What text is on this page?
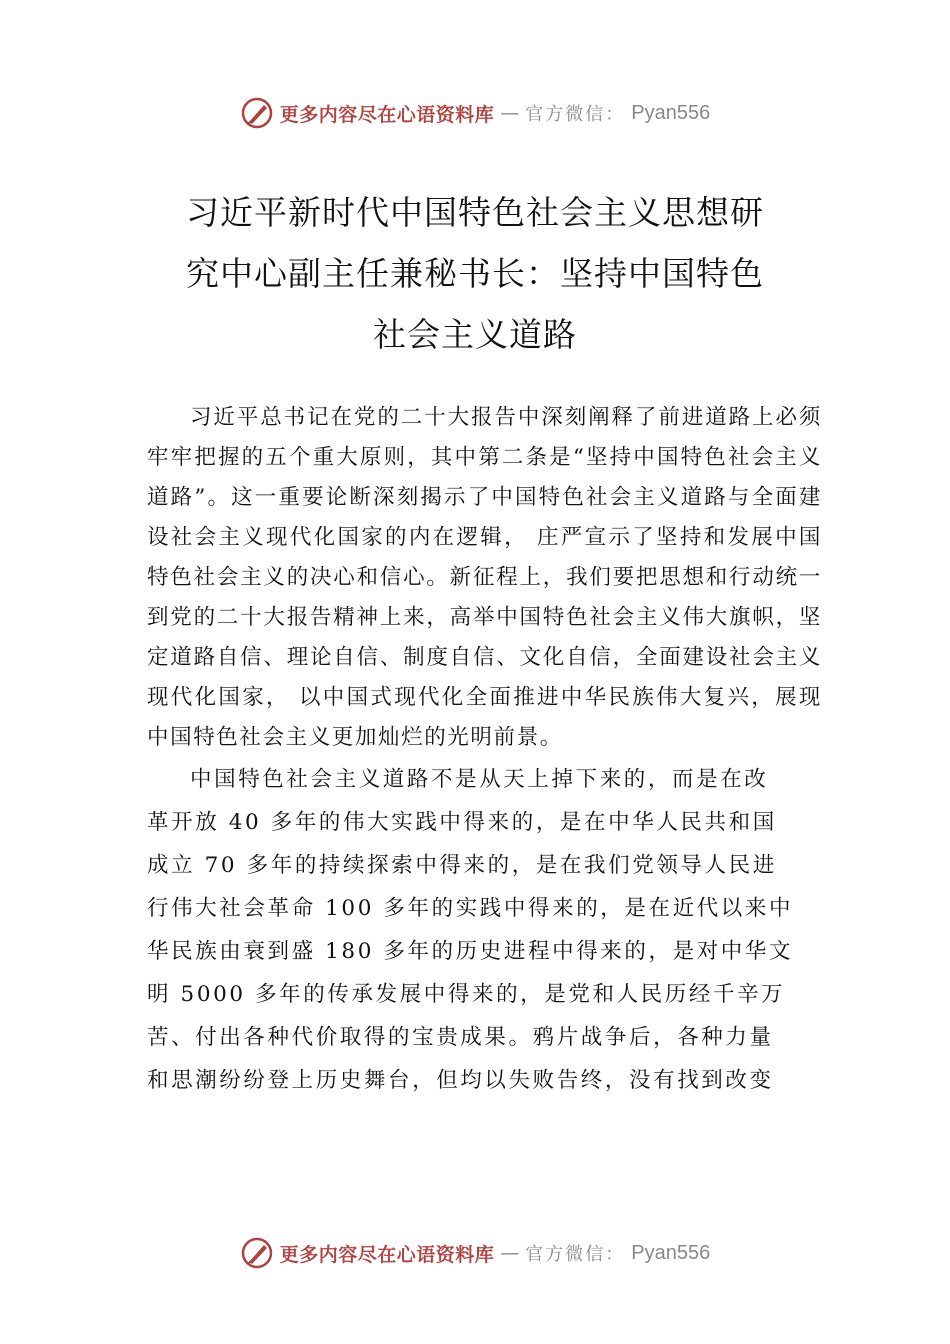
更多内容尽在心语资料库 — 官方微信： Pyan556
习近平新时代中国特色社会主义思想研
究中心副主任兼秘书长：坚持中国特色
社会主义道路

习近平总书记在党的二十大报告中深刻阐释了前进道路上必须牢牢把握的五个重大原则，其中第二条是“坚持中国特色社会主义道路”。这一重要论断深刻揭示了中国特色社会主义道路与全面建设社会主义现代化国家的内在逻辑， 庄严宣示了坚持和发展中国特色社会主义的决心和信心。新征程上，我们要把思想和行动统一到党的二十大报告精神上来，高举中国特色社会主义伟大旗帜，坚定道路自信、理论自信、制度自信、文化自信，全面建设社会主义现代化国家， 以中国式现代化全面推进中华民族伟大复兴，展现中国特色社会主义更加灿烂的光明前景。

中国特色社会主义道路不是从天上掉下来的，而是在改
革开放 40 多年的伟大实践中得来的，是在中华人民共和国
成立 70 多年的持续探索中得来的，是在我们党领导人民进
行伟大社会革命 100 多年的实践中得来的，是在近代以来中
华民族由衰到盛 180 多年的历史进程中得来的，是对中华文
明 5000 多年的传承发展中得来的，是党和人民历经千辛万
苦、付出各种代价取得的宝贵成果。鸦片战争后，各种力量
和思潮纷纷登上历史舞台，但均以失败告终，没有找到改变
更多内容尽在心语资料库 — 官方微信： Pyan556
